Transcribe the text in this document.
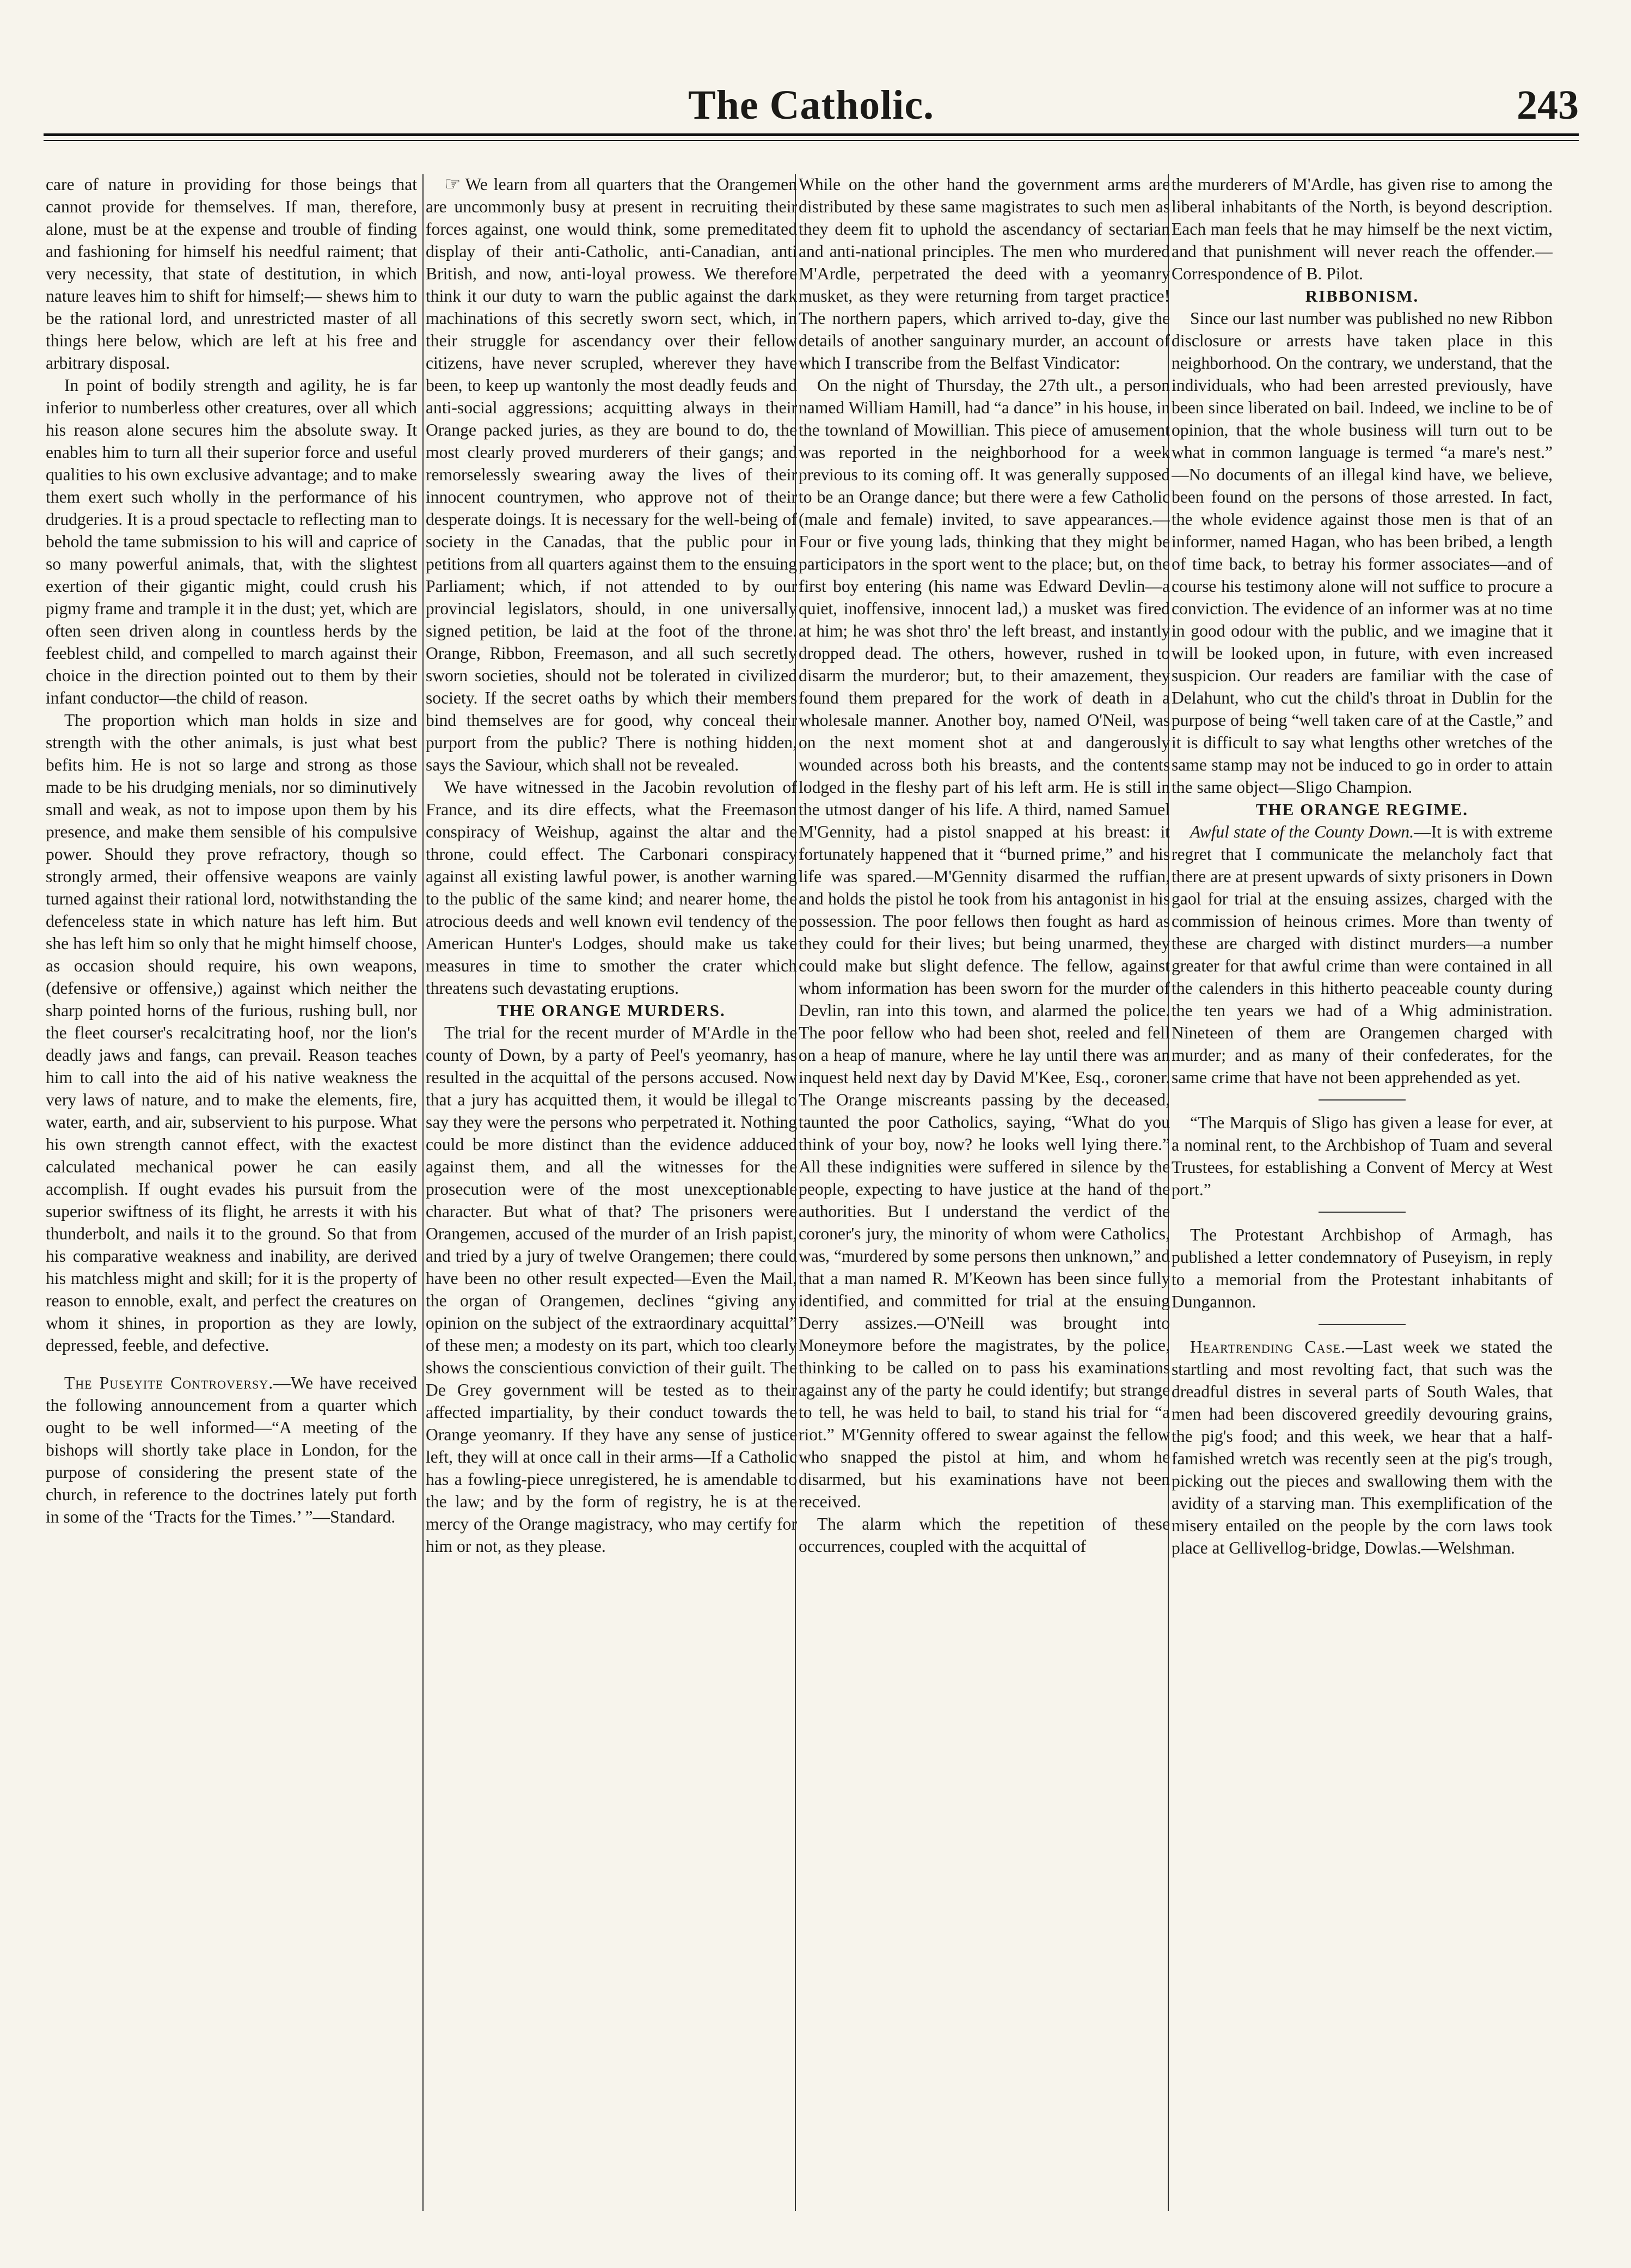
The Catholic.	243

care of nature in providing for those beings that cannot provide for themselves. If man, therefore, alone, must be at the expense and trouble of finding and fashioning for himself his needful raiment; that very necessity, that state of destitution, in which nature leaves him to shift for himself;— shews him to be the rational lord, and unrestricted master of all things here below, which are left at his free and arbitrary disposal.

In point of bodily strength and agility, he is far inferior to numberless other creatures, over all which his reason alone secures him the absolute sway. It enables him to turn all their superior force and useful qualities to his own exclusive advantage; and to make them exert such wholly in the performance of his drudgeries. It is a proud spectacle to reflecting man to behold the tame submission to his will and caprice of so many powerful animals, that, with the slightest exertion of their gigantic might, could crush his pigmy frame and trample it in the dust; yet, which are often seen driven along in countless herds by the feeblest child, and compelled to march against their choice in the direction pointed out to them by their infant conductor—the child of reason.

The proportion which man holds in size and strength with the other animals, is just what best befits him. He is not so large and strong as those made to be his drudging menials, nor so diminutively small and weak, as not to impose upon them by his presence, and make them sensible of his compulsive power. Should they prove refractory, though so strongly armed, their offensive weapons are vainly turned against their rational lord, notwithstanding the defenceless state in which nature has left him. But she has left him so only that he might himself choose, as occasion should require, his own weapons, (defensive or offensive,) against which neither the sharp pointed horns of the furious, rushing bull, nor the fleet courser's recalcitrating hoof, nor the lion's deadly jaws and fangs, can prevail. Reason teaches him to call into the aid of his native weakness the very laws of nature, and to make the elements, fire, water, earth, and air, subservient to his purpose. What his own strength cannot effect, with the exactest calculated mechanical power he can easily accomplish. If ought evades his pursuit from the superior swiftness of its flight, he arrests it with his thunderbolt, and nails it to the ground. So that from his comparative weakness and inability, are derived his matchless might and skill; for it is the property of reason to ennoble, exalt, and perfect the creatures on whom it shines, in proportion as they are lowly, depressed, feeble, and defective.

The Puseyite Controversy.—We have received the following announcement from a quarter which ought to be well informed—“A meeting of the bishops will shortly take place in London, for the purpose of considering the present state of the church, in reference to the doctrines lately put forth in some of the ‘Tracts for the Times.’ ”—Standard.

☞ We learn from all quarters that the Orangemen are uncommonly busy at present in recruiting their forces against, one would think, some premeditated display of their anti-Catholic, anti-Canadian, anti British, and now, anti-loyal prowess. We therefore think it our duty to warn the public against the dark machinations of this secretly sworn sect, which, in their struggle for ascendancy over their fellow citizens, have never scrupled, wherever they have been, to keep up wantonly the most deadly feuds and anti-social aggressions; acquitting always in their Orange packed juries, as they are bound to do, the most clearly proved murderers of their gangs; and remorselessly swearing away the lives of their innocent countrymen, who approve not of their desperate doings. It is necessary for the well-being of society in the Canadas, that the public pour in petitions from all quarters against them to the ensuing Parliament; which, if not attended to by our provincial legislators, should, in one universally signed petition, be laid at the foot of the throne. Orange, Ribbon, Freemason, and all such secretly sworn societies, should not be tolerated in civilized society. If the secret oaths by which their members bind themselves are for good, why conceal their purport from the public? There is nothing hidden, says the Saviour, which shall not be revealed.

We have witnessed in the Jacobin revolution of France, and its dire effects, what the Freemason conspiracy of Weishup, against the altar and the throne, could effect. The Carbonari conspiracy against all existing lawful power, is another warning to the public of the same kind; and nearer home, the atrocious deeds and well known evil tendency of the American Hunter's Lodges, should make us take measures in time to smother the crater which threatens such devastating eruptions.

THE ORANGE MURDERS.

The trial for the recent murder of M'Ardle in the county of Down, by a party of Peel's yeomanry, has resulted in the acquittal of the persons accused. Now that a jury has acquitted them, it would be illegal to say they were the persons who perpetrated it. Nothing could be more distinct than the evidence adduced against them, and all the witnesses for the prosecution were of the most unexceptionable character. But what of that? The prisoners were Orangemen, accused of the murder of an Irish papist, and tried by a jury of twelve Orangemen; there could have been no other result expected—Even the Mail, the organ of Orangemen, declines “giving any opinion on the subject of the extraordinary acquittal” of these men; a modesty on its part, which too clearly shows the conscientious conviction of their guilt. The De Grey government will be tested as to their affected impartiality, by their conduct towards the Orange yeomanry. If they have any sense of justice left, they will at once call in their arms—If a Catholic has a fowling-piece unregistered, he is amendable to the law; and by the form of registry, he is at the mercy of the Orange magistracy, who may certify for him or not, as they please.

While on the other hand the government arms are distributed by these same magistrates to such men as they deem fit to uphold the ascendancy of sectarian and anti-national principles. The men who murdered M'Ardle, perpetrated the deed with a yeomanry musket, as they were returning from target practice! The northern papers, which arrived to-day, give the details of another sanguinary murder, an account of which I transcribe from the Belfast Vindicator:

On the night of Thursday, the 27th ult., a person named William Hamill, had “a dance” in his house, in the townland of Mowillian. This piece of amusement was reported in the neighborhood for a week previous to its coming off. It was generally supposed to be an Orange dance; but there were a few Catholic (male and female) invited, to save appearances.—Four or five young lads, thinking that they might be participators in the sport went to the place; but, on the first boy entering (his name was Edward Devlin—a quiet, inoffensive, innocent lad,) a musket was fired at him; he was shot thro' the left breast, and instantly dropped dead. The others, however, rushed in to disarm the murderor; but, to their amazement, they found them prepared for the work of death in a wholesale manner. Another boy, named O'Neil, was on the next moment shot at and dangerously wounded across both his breasts, and the contents lodged in the fleshy part of his left arm. He is still in the utmost danger of his life. A third, named Samuel M'Gennity, had a pistol snapped at his breast: it fortunately happened that it “burned prime,” and his life was spared.—M'Gennity disarmed the ruffian, and holds the pistol he took from his antagonist in his possession. The poor fellows then fought as hard as they could for their lives; but being unarmed, they could make but slight defence. The fellow, against whom information has been sworn for the murder of Devlin, ran into this town, and alarmed the police. The poor fellow who had been shot, reeled and fell on a heap of manure, where he lay until there was an inquest held next day by David M'Kee, Esq., coroner. The Orange miscreants passing by the deceased, taunted the poor Catholics, saying, “What do you think of your boy, now? he looks well lying there.” All these indignities were suffered in silence by the people, expecting to have justice at the hand of the authorities. But I understand the verdict of the coroner's jury, the minority of whom were Catholics, was, “murdered by some persons then unknown,” and that a man named R. M'Keown has been since fully identified, and committed for trial at the ensuing Derry assizes.—O'Neill was brought into Moneymore before the magistrates, by the police, thinking to be called on to pass his examinations against any of the party he could identify; but strange to tell, he was held to bail, to stand his trial for “a riot.” M'Gennity offered to swear against the fellow who snapped the pistol at him, and whom he disarmed, but his examinations have not been received.

The alarm which the repetition of these occurrences, coupled with the acquittal of

the murderers of M'Ardle, has given rise to among the liberal inhabitants of the North, is beyond description. Each man feels that he may himself be the next victim, and that punishment will never reach the offender.—Correspondence of B. Pilot.

RIBBONISM.

Since our last number was published no new Ribbon disclosure or arrests have taken place in this neighborhood. On the contrary, we understand, that the individuals, who had been arrested previously, have been since liberated on bail. Indeed, we incline to be of opinion, that the whole business will turn out to be what in common language is termed “a mare's nest.” —No documents of an illegal kind have, we believe, been found on the persons of those arrested. In fact, the whole evidence against those men is that of an informer, named Hagan, who has been bribed, a length of time back, to betray his former associates—and of course his testimony alone will not suffice to procure a conviction. The evidence of an informer was at no time in good odour with the public, and we imagine that it will be looked upon, in future, with even increased suspicion. Our readers are familiar with the case of Delahunt, who cut the child's throat in Dublin for the purpose of being “well taken care of at the Castle,” and it is difficult to say what lengths other wretches of the same stamp may not be induced to go in order to attain the same object—Sligo Champion.

THE ORANGE REGIME.

Awful state of the County Down.—It is with extreme regret that I communicate the melancholy fact that there are at present upwards of sixty prisoners in Down gaol for trial at the ensuing assizes, charged with the commission of heinous crimes. More than twenty of these are charged with distinct murders—a number greater for that awful crime than were contained in all the calenders in this hitherto peaceable county during the ten years we had of a Whig administration. Nineteen of them are Orangemen charged with murder; and as many of their confederates, for the same crime that have not been apprehended as yet.

“The Marquis of Sligo has given a lease for ever, at a nominal rent, to the Archbishop of Tuam and several Trustees, for establishing a Convent of Mercy at West port.”

The Protestant Archbishop of Armagh, has published a letter condemnatory of Puseyism, in reply to a memorial from the Protestant inhabitants of Dungannon.

Heartrending Case.—Last week we stated the startling and most revolting fact, that such was the dreadful distres in several parts of South Wales, that men had been discovered greedily devouring grains, the pig's food; and this week, we hear that a half-famished wretch was recently seen at the pig's trough, picking out the pieces and swallowing them with the avidity of a starving man. This exemplification of the misery entailed on the people by the corn laws took place at Gellivellog-bridge, Dowlas.—Welshman.
